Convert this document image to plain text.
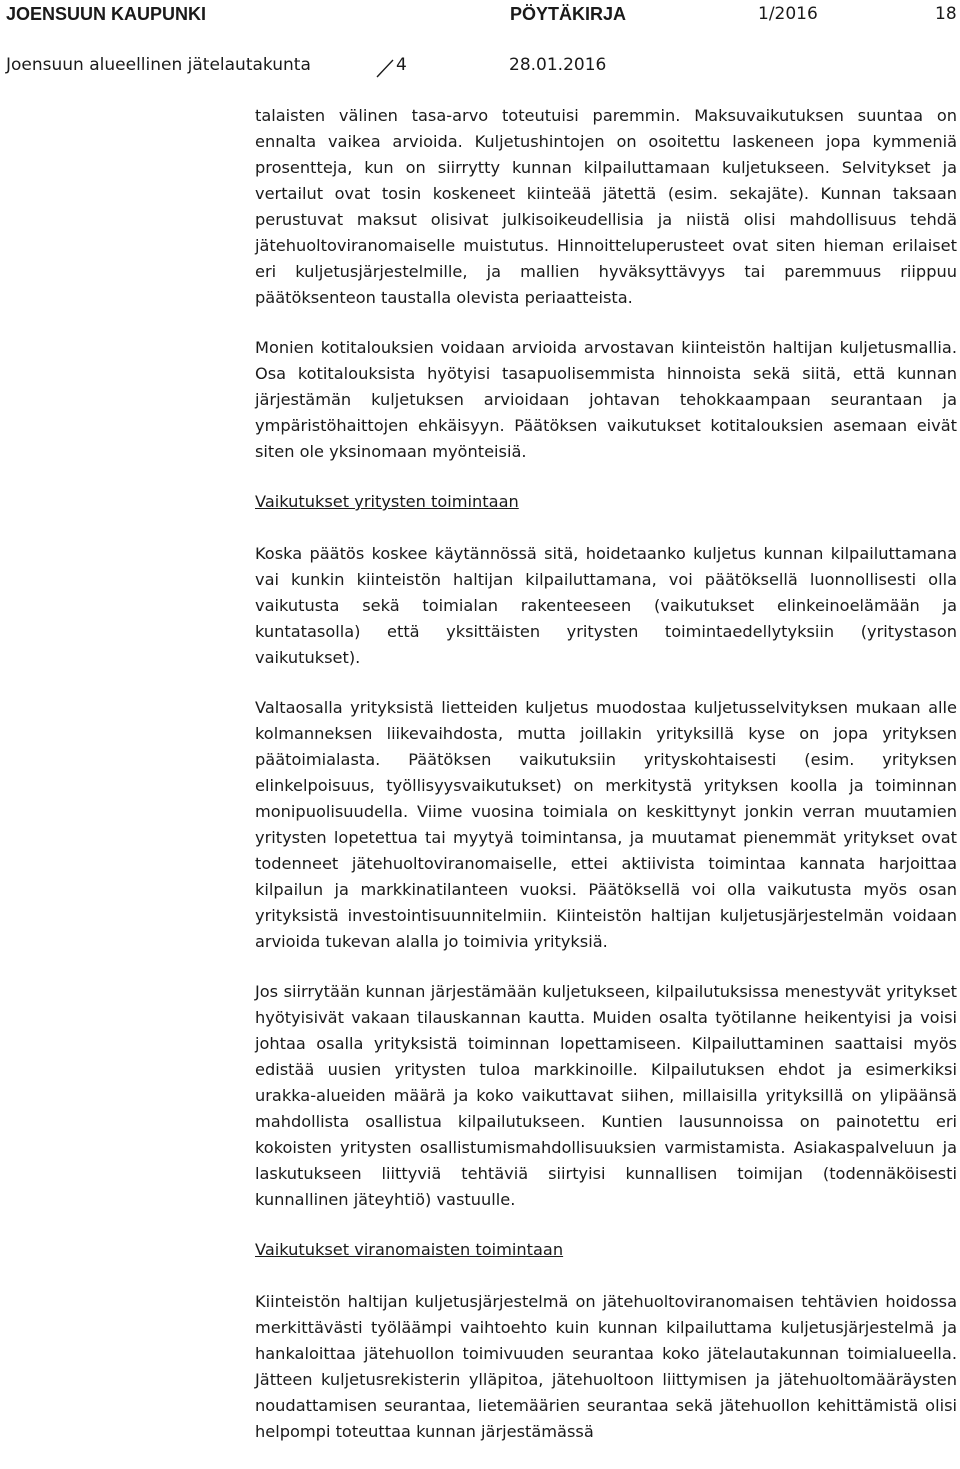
JOENSUUN KAUPUNKI	PÖYTÄKIRJA	1/2016	18
Joensuun alueellinen jätelautakunta	4	28.01.2016

talaisten välinen tasa-arvo toteutuisi paremmin. Maksuvaikutuksen suuntaa on ennalta vaikea arvioida. Kuljetushintojen on osoitettu laskeneen jopa kymmeniä prosentteja, kun on siirrytty kunnan kilpailuttamaan kuljetukseen. Selvitykset ja vertailut ovat tosin koskeneet kiinteää jätettä (esim. sekajäte). Kunnan taksaan perustuvat maksut olisivat julkisoikeudellisia ja niistä olisi mahdollisuus tehdä jätehuoltoviranomaiselle muistutus. Hinnoitteluperusteet ovat siten hieman erilaiset eri kuljetusjärjestelmille, ja mallien hyväksyttävyys tai paremmuus riippuu päätöksenteon taustalla olevista periaatteista.

Monien kotitalouksien voidaan arvioida arvostavan kiinteistön haltijan kuljetusmallia. Osa kotitalouksista hyötyisi tasapuolisemmista hinnoista sekä siitä, että kunnan järjestämän kuljetuksen arvioidaan johtavan tehokkaampaan seurantaan ja ympäristöhaittojen ehkäisyyn. Päätöksen vaikutukset kotitalouksien asemaan eivät siten ole yksinomaan myönteisiä.

Vaikutukset yritysten toimintaan

Koska päätös koskee käytännössä sitä, hoidetaanko kuljetus kunnan kilpailuttamana vai kunkin kiinteistön haltijan kilpailuttamana, voi päätöksellä luonnollisesti olla vaikutusta sekä toimialan rakenteeseen (vaikutukset elinkeinoelämään ja kuntatasolla) että yksittäisten yritysten toimintaedellytyksiin (yritystason vaikutukset).

Valtaosalla yrityksistä lietteiden kuljetus muodostaa kuljetusselvityksen mukaan alle kolmanneksen liikevaihdosta, mutta joillakin yrityksillä kyse on jopa yrityksen päätoimialasta. Päätöksen vaikutuksiin yrityskohtaisesti (esim. yrityksen elinkelpoisuus, työllisyysvaikutukset) on merkitystä yrityksen koolla ja toiminnan monipuolisuudella. Viime vuosina toimiala on keskittynyt jonkin verran muutamien yritysten lopetettua tai myytyä toimintansa, ja muutamat pienemmät yritykset ovat todenneet jätehuoltoviranomaiselle, ettei aktiivista toimintaa kannata harjoittaa kilpailun ja markkinatilanteen vuoksi. Päätöksellä voi olla vaikutusta myös osan yrityksistä investointisuunnitelmiin. Kiinteistön haltijan kuljetusjärjestelmän voidaan arvioida tukevan alalla jo toimivia yrityksiä.

Jos siirrytään kunnan järjestämään kuljetukseen, kilpailutuksissa menestyvät yritykset hyötyisivät vakaan tilauskannan kautta. Muiden osalta työtilanne heikentyisi ja voisi johtaa osalla yrityksistä toiminnan lopettamiseen. Kilpailuttaminen saattaisi myös edistää uusien yritysten tuloa markkinoille. Kilpailutuksen ehdot ja esimerkiksi urakka-alueiden määrä ja koko vaikuttavat siihen, millaisilla yrityksillä on ylipäänsä mahdollista osallistua kilpailutukseen. Kuntien lausunnoissa on painotettu eri kokoisten yritysten osallistumismahdollisuuksien varmistamista. Asiakaspalveluun ja laskutukseen liittyviä tehtäviä siirtyisi kunnallisen toimijan (todennäköisesti kunnallinen jäteyhtiö) vastuulle.

Vaikutukset viranomaisten toimintaan

Kiinteistön haltijan kuljetusjärjestelmä on jätehuoltoviranomaisen tehtävien hoidossa merkittävästi työläämpi vaihtoehto kuin kunnan kilpailuttama kuljetusjärjestelmä ja hankaloittaa jätehuollon toimivuuden seurantaa koko jätelautakunnan toimialueella. Jätteen kuljetusrekisterin ylläpitoa, jätehuoltoon liittymisen ja jätehuoltomääräysten noudattamisen seurantaa, lietemäärien seurantaa sekä jätehuollon kehittämistä olisi helpompi toteuttaa kunnan järjestämässä
